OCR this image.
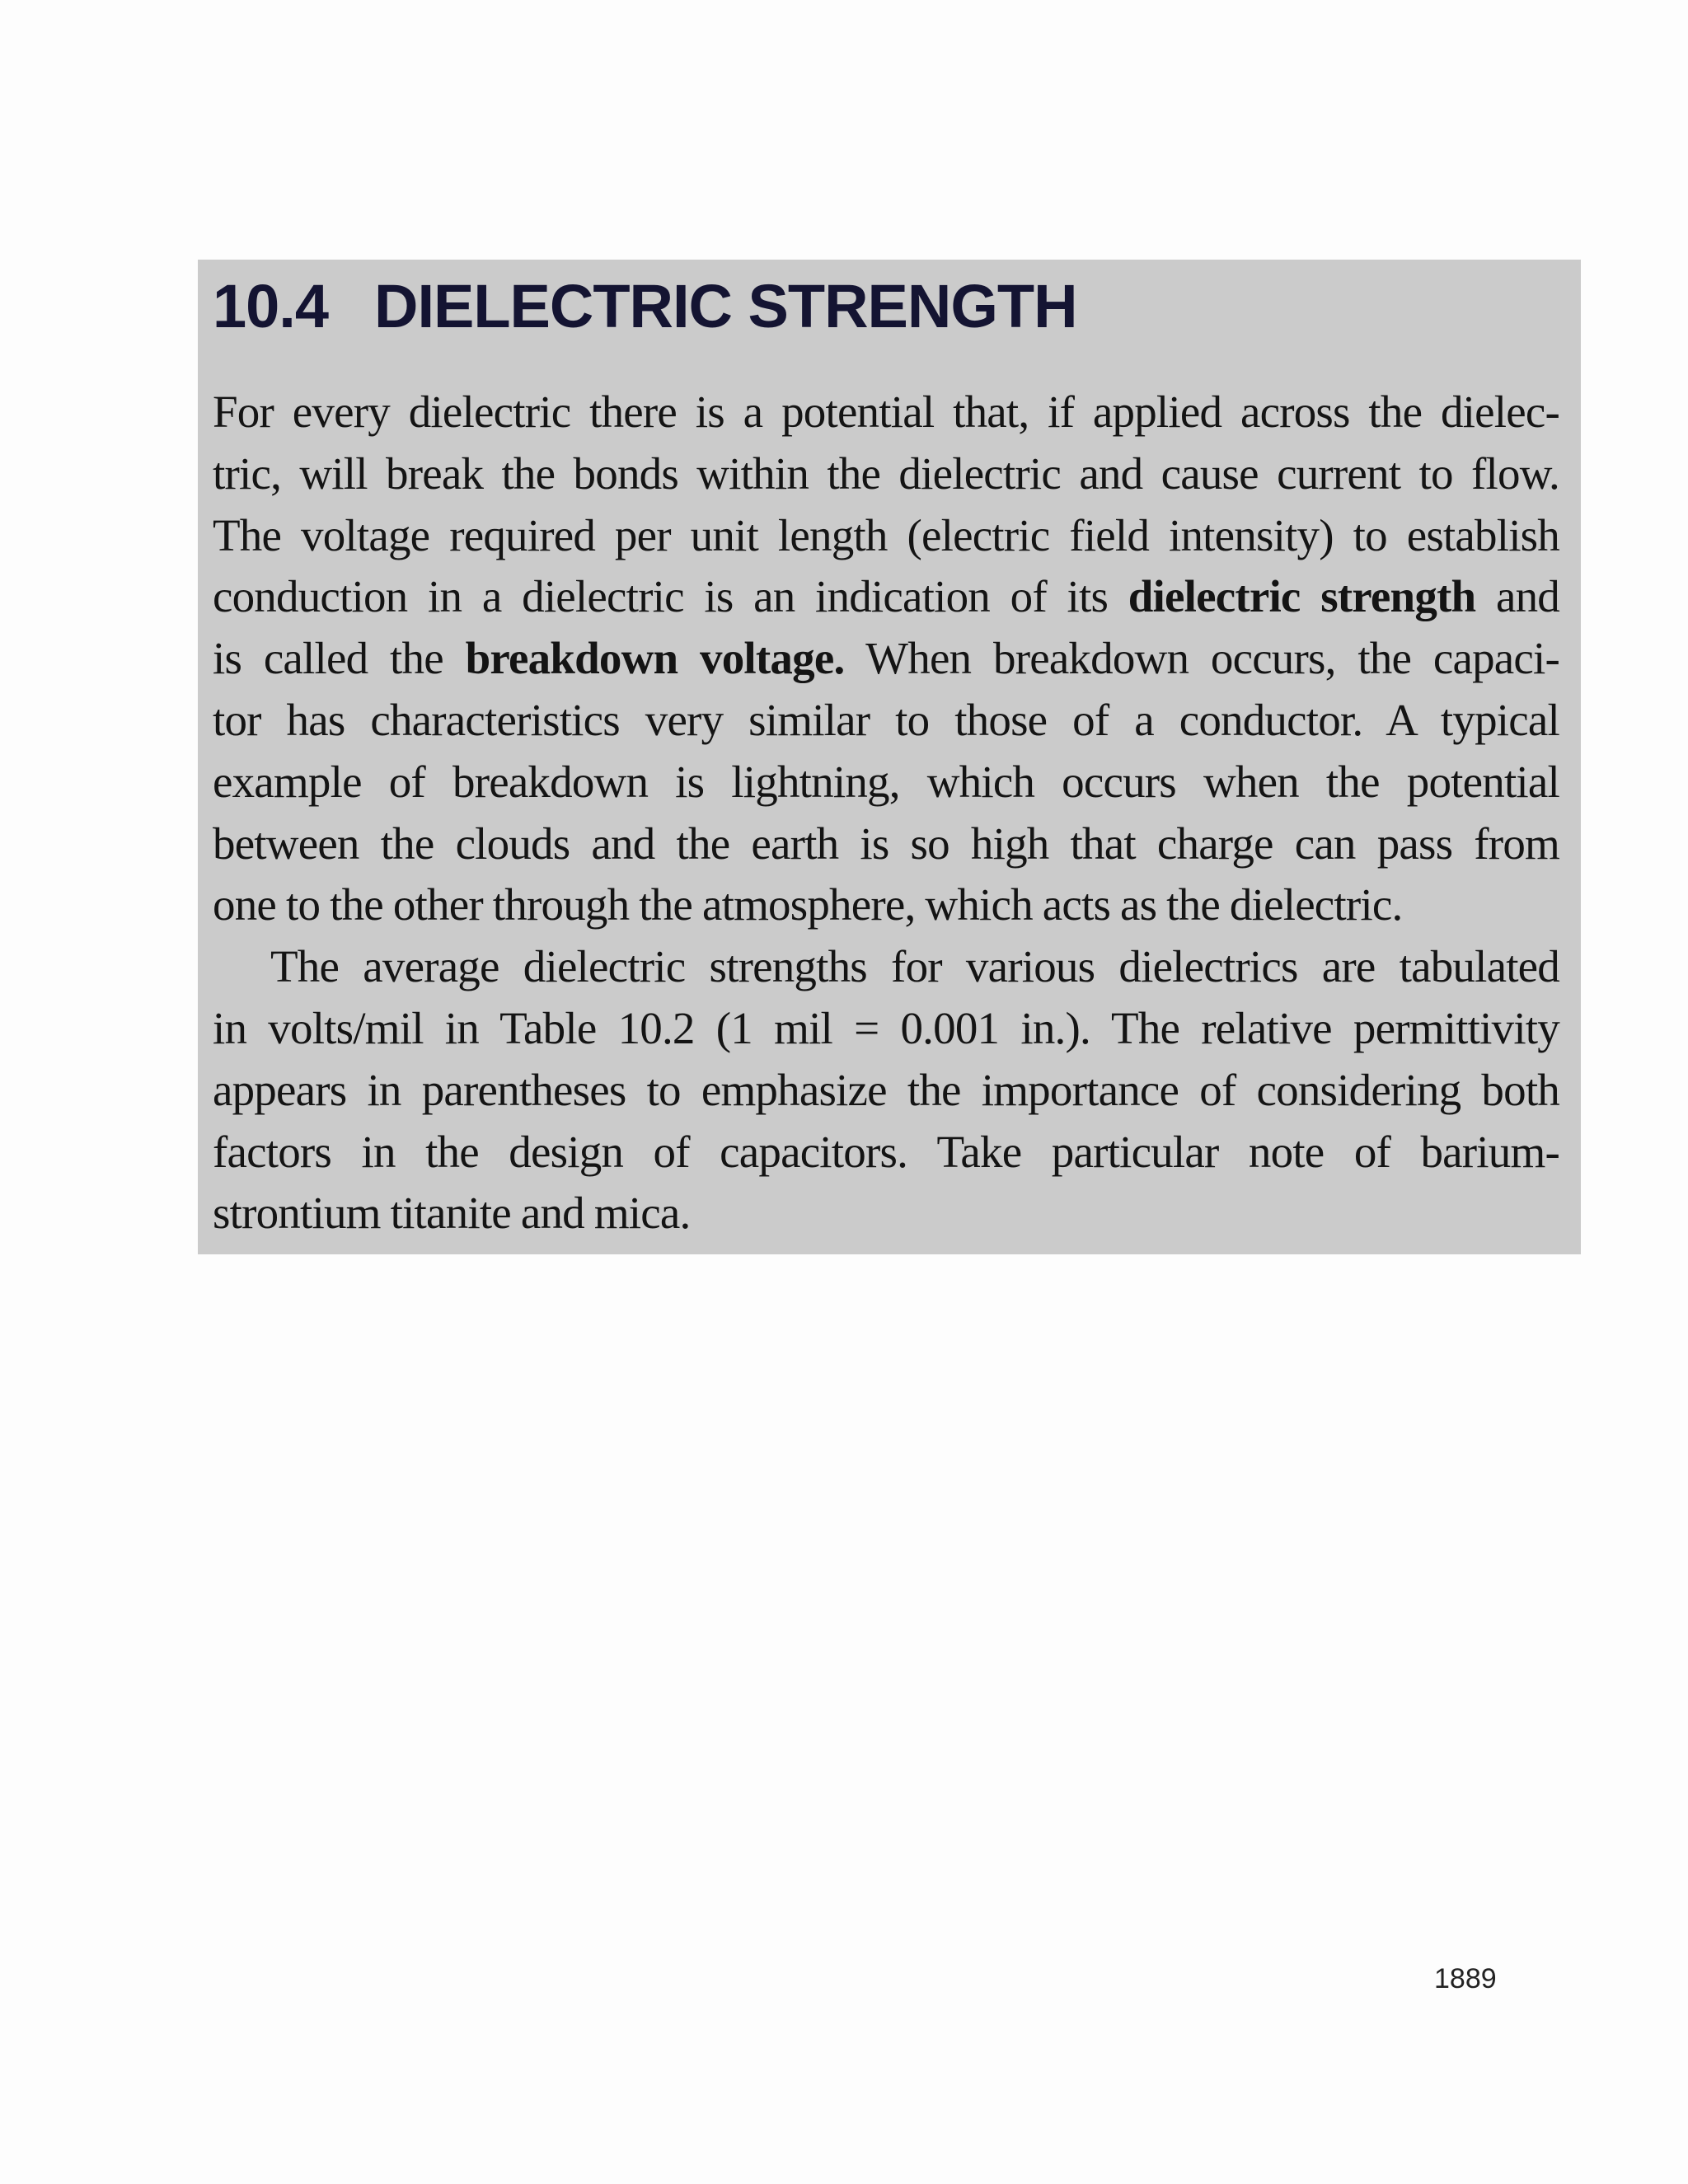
10.4 DIELECTRIC STRENGTH
For every dielectric there is a potential that, if applied across the dielec-
tric, will break the bonds within the dielectric and cause current to flow.
The voltage required per unit length (electric field intensity) to establish
conduction in a dielectric is an indication of its dielectric strength and
is called the breakdown voltage. When breakdown occurs, the capaci-
tor has characteristics very similar to those of a conductor. A typical
example of breakdown is lightning, which occurs when the potential
between the clouds and the earth is so high that charge can pass from
one to the other through the atmosphere, which acts as the dielectric.
The average dielectric strengths for various dielectrics are tabulated
in volts/mil in Table 10.2 (1 mil = 0.001 in.). The relative permittivity
appears in parentheses to emphasize the importance of considering both
factors in the design of capacitors. Take particular note of barium-
strontium titanite and mica.
1889
